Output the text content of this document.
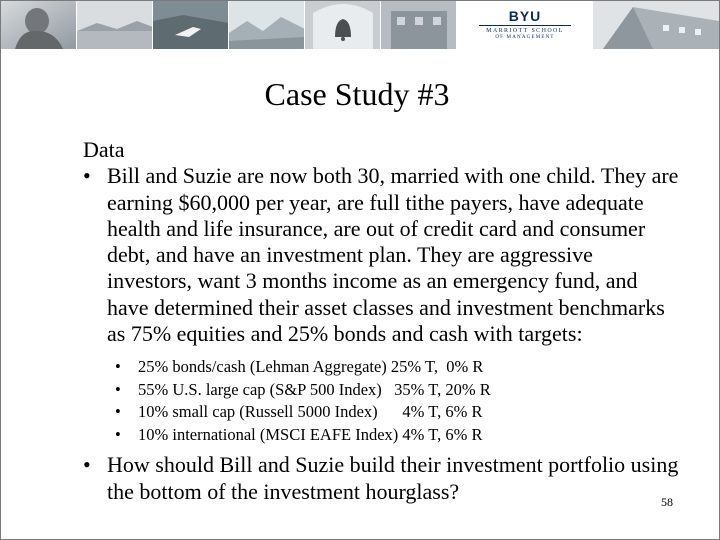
BYU
MARRIOTT SCHOOL
OF MANAGEMENT
Case Study #3

Data

• Bill and Suzie are now both 30, married with one child. They are earning $60,000 per year, are full tithe payers, have adequate health and life insurance, are out of credit card and consumer debt, and have an investment plan. They are aggressive investors, want 3 months income as an emergency fund, and have determined their asset classes and investment benchmarks as 75% equities and 25% bonds and cash with targets:
•	25% bonds/cash (Lehman Aggregate) 25% T,  0% R
•	55% U.S. large cap (S&P 500 Index)   35% T, 20% R
•	10% small cap (Russell 5000 Index)      4% T, 6% R
•	10% international (MSCI EAFE Index) 4% T, 6% R
• How should Bill and Suzie build their investment portfolio using the bottom of the investment hourglass?	58
